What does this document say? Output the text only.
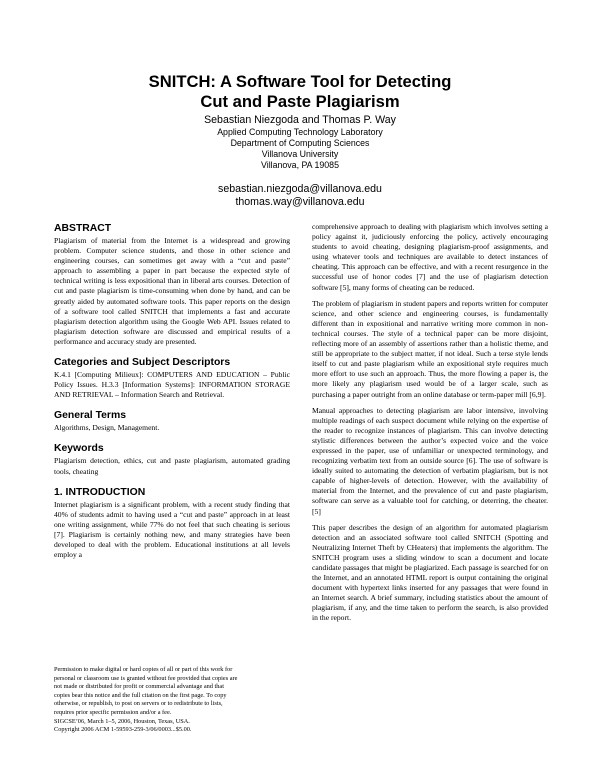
SNITCH: A Software Tool for Detecting
Cut and Paste Plagiarism
Sebastian Niezgoda and Thomas P. Way
Applied Computing Technology Laboratory
Department of Computing Sciences
Villanova University
Villanova, PA 19085
sebastian.niezgoda@villanova.edu
thomas.way@villanova.edu
ABSTRACT

Plagiarism of material from the Internet is a widespread and growing problem. Computer science students, and those in other science and engineering courses, can sometimes get away with a “cut and paste” approach to assembling a paper in part because the expected style of technical writing is less expositional than in liberal arts courses. Detection of cut and paste plagiarism is time-consuming when done by hand, and can be greatly aided by automated software tools. This paper reports on the design of a software tool called SNITCH that implements a fast and accurate plagiarism detection algorithm using the Google Web API. Issues related to plagiarism detection software are discussed and empirical results of a performance and accuracy study are presented.

Categories and Subject Descriptors

K.4.1 [Computing Milieux]: COMPUTERS AND EDUCATION – Public Policy Issues. H.3.3 [Information Systems]: INFORMATION STORAGE AND RETRIEVAL – Information Search and Retrieval.

General Terms

Algorithms, Design, Management.

Keywords

Plagiarism detection, ethics, cut and paste plagiarism, automated grading tools, cheating

1. INTRODUCTION

Internet plagiarism is a significant problem, with a recent study finding that 40% of students admit to having used a “cut and paste” approach in at least one writing assignment, while 77% do not feel that such cheating is serious [7]. Plagiarism is certainly nothing new, and many strategies have been developed to deal with the problem. Educational institutions at all levels employ a

Permission to make digital or hard copies of all or part of this work for
personal or classroom use is granted without fee provided that copies are
not made or distributed for profit or commercial advantage and that
copies bear this notice and the full citation on the first page. To copy
otherwise, or republish, to post on servers or to redistribute to lists,
requires prior specific permission and/or a fee.
SIGCSE’06, March 1–5, 2006, Houston, Texas, USA.
Copyright 2006 ACM 1-59593-259-3/06/0003...$5.00.

comprehensive approach to dealing with plagiarism which involves setting a policy against it, judiciously enforcing the policy, actively encouraging students to avoid cheating, designing plagiarism-proof assignments, and using whatever tools and techniques are available to detect instances of cheating. This approach can be effective, and with a recent resurgence in the successful use of honor codes [7] and the use of plagiarism detection software [5], many forms of cheating can be reduced.

The problem of plagiarism in student papers and reports written for computer science, and other science and engineering courses, is fundamentally different than in expositional and narrative writing more common in non-technical courses. The style of a technical paper can be more disjoint, reflecting more of an assembly of assertions rather than a holistic theme, and still be appropriate to the subject matter, if not ideal. Such a terse style lends itself to cut and paste plagiarism while an expositional style requires much more effort to use such an approach. Thus, the more flowing a paper is, the more likely any plagiarism used would be of a larger scale, such as purchasing a paper outright from an online database or term-paper mill [6,9].

Manual approaches to detecting plagiarism are labor intensive, involving multiple readings of each suspect document while relying on the expertise of the reader to recognize instances of plagiarism. This can involve detecting stylistic differences between the author’s expected voice and the voice expressed in the paper, use of unfamiliar or unexpected terminology, and recognizing verbatim text from an outside source [6]. The use of software is ideally suited to automating the detection of verbatim plagiarism, but is not capable of higher-levels of detection. However, with the availability of material from the Internet, and the prevalence of cut and paste plagiarism, software can serve as a valuable tool for catching, or deterring, the cheater. [5]

This paper describes the design of an algorithm for automated plagiarism detection and an associated software tool called SNITCH (Spotting and Neutralizing Internet Theft by CHeaters) that implements the algorithm. The SNITCH program uses a sliding window to scan a document and locate candidate passages that might be plagiarized. Each passage is searched for on the Internet, and an annotated HTML report is output containing the original document with hypertext links inserted for any passages that were found in an Internet search. A brief summary, including statistics about the amount of plagiarism, if any, and the time taken to perform the search, is also provided in the report.
